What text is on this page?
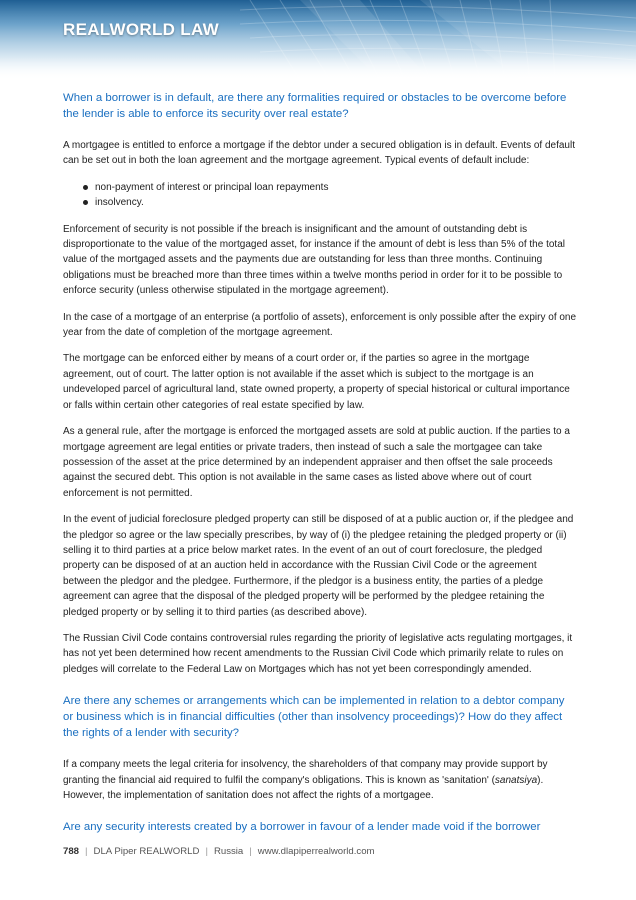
REALWORLD LAW
When a borrower is in default, are there any formalities required or obstacles to be overcome before the lender is able to enforce its security over real estate?
A mortgagee is entitled to enforce a mortgage if the debtor under a secured obligation is in default. Events of default can be set out in both the loan agreement and the mortgage agreement. Typical events of default include:
non-payment of interest or principal loan repayments
insolvency.
Enforcement of security is not possible if the breach is insignificant and the amount of outstanding debt is disproportionate to the value of the mortgaged asset, for instance if the amount of debt is less than 5% of the total value of the mortgaged assets and the payments due are outstanding for less than three months. Continuing obligations must be breached more than three times within a twelve months period in order for it to be possible to enforce security (unless otherwise stipulated in the mortgage agreement).
In the case of a mortgage of an enterprise (a portfolio of assets), enforcement is only possible after the expiry of one year from the date of completion of the mortgage agreement.
The mortgage can be enforced either by means of a court order or, if the parties so agree in the mortgage agreement, out of court. The latter option is not available if the asset which is subject to the mortgage is an undeveloped parcel of agricultural land, state owned property, a property of special historical or cultural importance or falls within certain other categories of real estate specified by law.
As a general rule, after the mortgage is enforced the mortgaged assets are sold at public auction. If the parties to a mortgage agreement are legal entities or private traders, then instead of such a sale the mortgagee can take possession of the asset at the price determined by an independent appraiser and then offset the sale proceeds against the secured debt. This option is not available in the same cases as listed above where out of court enforcement is not permitted.
In the event of judicial foreclosure pledged property can still be disposed of at a public auction or, if the pledgee and the pledgor so agree or the law specially prescribes, by way of (i) the pledgee retaining the pledged property or (ii) selling it to third parties at a price below market rates. In the event of an out of court foreclosure, the pledged property can be disposed of at an auction held in accordance with the Russian Civil Code or the agreement between the pledgor and the pledgee. Furthermore, if the pledgor is a business entity, the parties of a pledge agreement can agree that the disposal of the pledged property will be performed by the pledgee retaining the pledged property or by selling it to third parties (as described above).
The Russian Civil Code contains controversial rules regarding the priority of legislative acts regulating mortgages, it has not yet been determined how recent amendments to the Russian Civil Code which primarily relate to rules on pledges will correlate to the Federal Law on Mortgages which has not yet been correspondingly amended.
Are there any schemes or arrangements which can be implemented in relation to a debtor company or business which is in financial difficulties (other than insolvency proceedings)? How do they affect the rights of a lender with security?
If a company meets the legal criteria for insolvency, the shareholders of that company may provide support by granting the financial aid required to fulfil the company's obligations. This is known as 'sanitation' (sanatsiya). However, the implementation of sanitation does not affect the rights of a mortgagee.
Are any security interests created by a borrower in favour of a lender made void if the borrower
788 | DLA Piper REALWORLD | Russia | www.dlapiperrealworld.com
